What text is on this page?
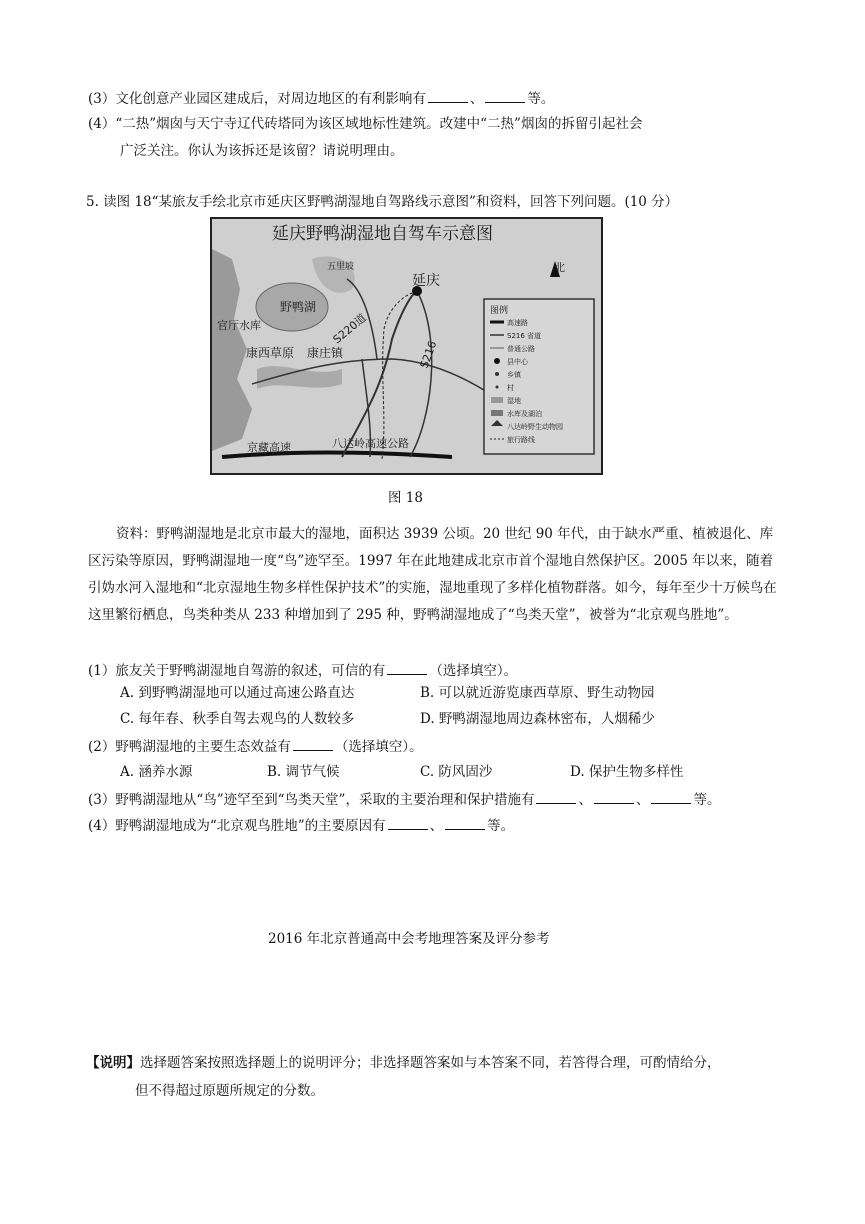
(3）文化创意产业园区建成后，对周边地区的有利影响有	、	等。
(4）“二热”烟囱与天宁寺辽代砖塔同为该区域地标性建筑。改建中“二热”烟囱的拆留引起社会
广泛关注。你认为该拆还是该留？请说明理由。
5. 读图 18“某旅友手绘北京市延庆区野鸭湖湿地自驾路线示意图”和资料，回答下列问题。(10 分）
延庆野鸭湖湿地自驾车示意图
延庆
野鸭湖
康西草原 康庄镇
官厅水库	S220道
S216
京藏高速	八达岭高速公路
五里坡	北
图例
高速路
S216 省道
普通公路
县中心
乡镇
村
湿地
水库及湖泊
八达岭野生动物园
旅行路线
图 18
资料：野鸭湖湿地是北京市最大的湿地，面积达 3939 公顷。20 世纪 90 年代，由于缺水严重、植被退化、库区污染等原因，野鸭湖湿地一度“鸟”迹罕至。1997 年在此地建成北京市首个湿地自然保护区。2005 年以来，随着引妫水河入湿地和“北京湿地生物多样性保护技术”的实施，湿地重现了多样化植物群落。如今，每年至少十万候鸟在这里繁衍栖息，鸟类种类从 233 种增加到了 295 种，野鸭湖湿地成了“鸟类天堂”，被誉为“北京观鸟胜地”。
(1）旅友关于野鸭湖湿地自驾游的叙述，可信的有	（选择填空）。
A. 到野鸭湖湿地可以通过高速公路直达	B. 可以就近游览康西草原、野生动物园
C. 每年春、秋季自驾去观鸟的人数较多	D. 野鸭湖湿地周边森林密布，人烟稀少
(2）野鸭湖湿地的主要生态效益有	（选择填空）。
A. 涵养水源	B. 调节气候	C. 防风固沙	D. 保护生物多样性
(3）野鸭湖湿地从“鸟”迹罕至到“鸟类天堂”，采取的主要治理和保护措施有	、	、	等。
(4）野鸭湖湿地成为“北京观鸟胜地”的主要原因有	、	等。
2016 年北京普通高中会考地理答案及评分参考
【说明】选择题答案按照选择题上的说明评分；非选择题答案如与本答案不同，若答得合理，可酌情给分，
但不得超过原题所规定的分数。
